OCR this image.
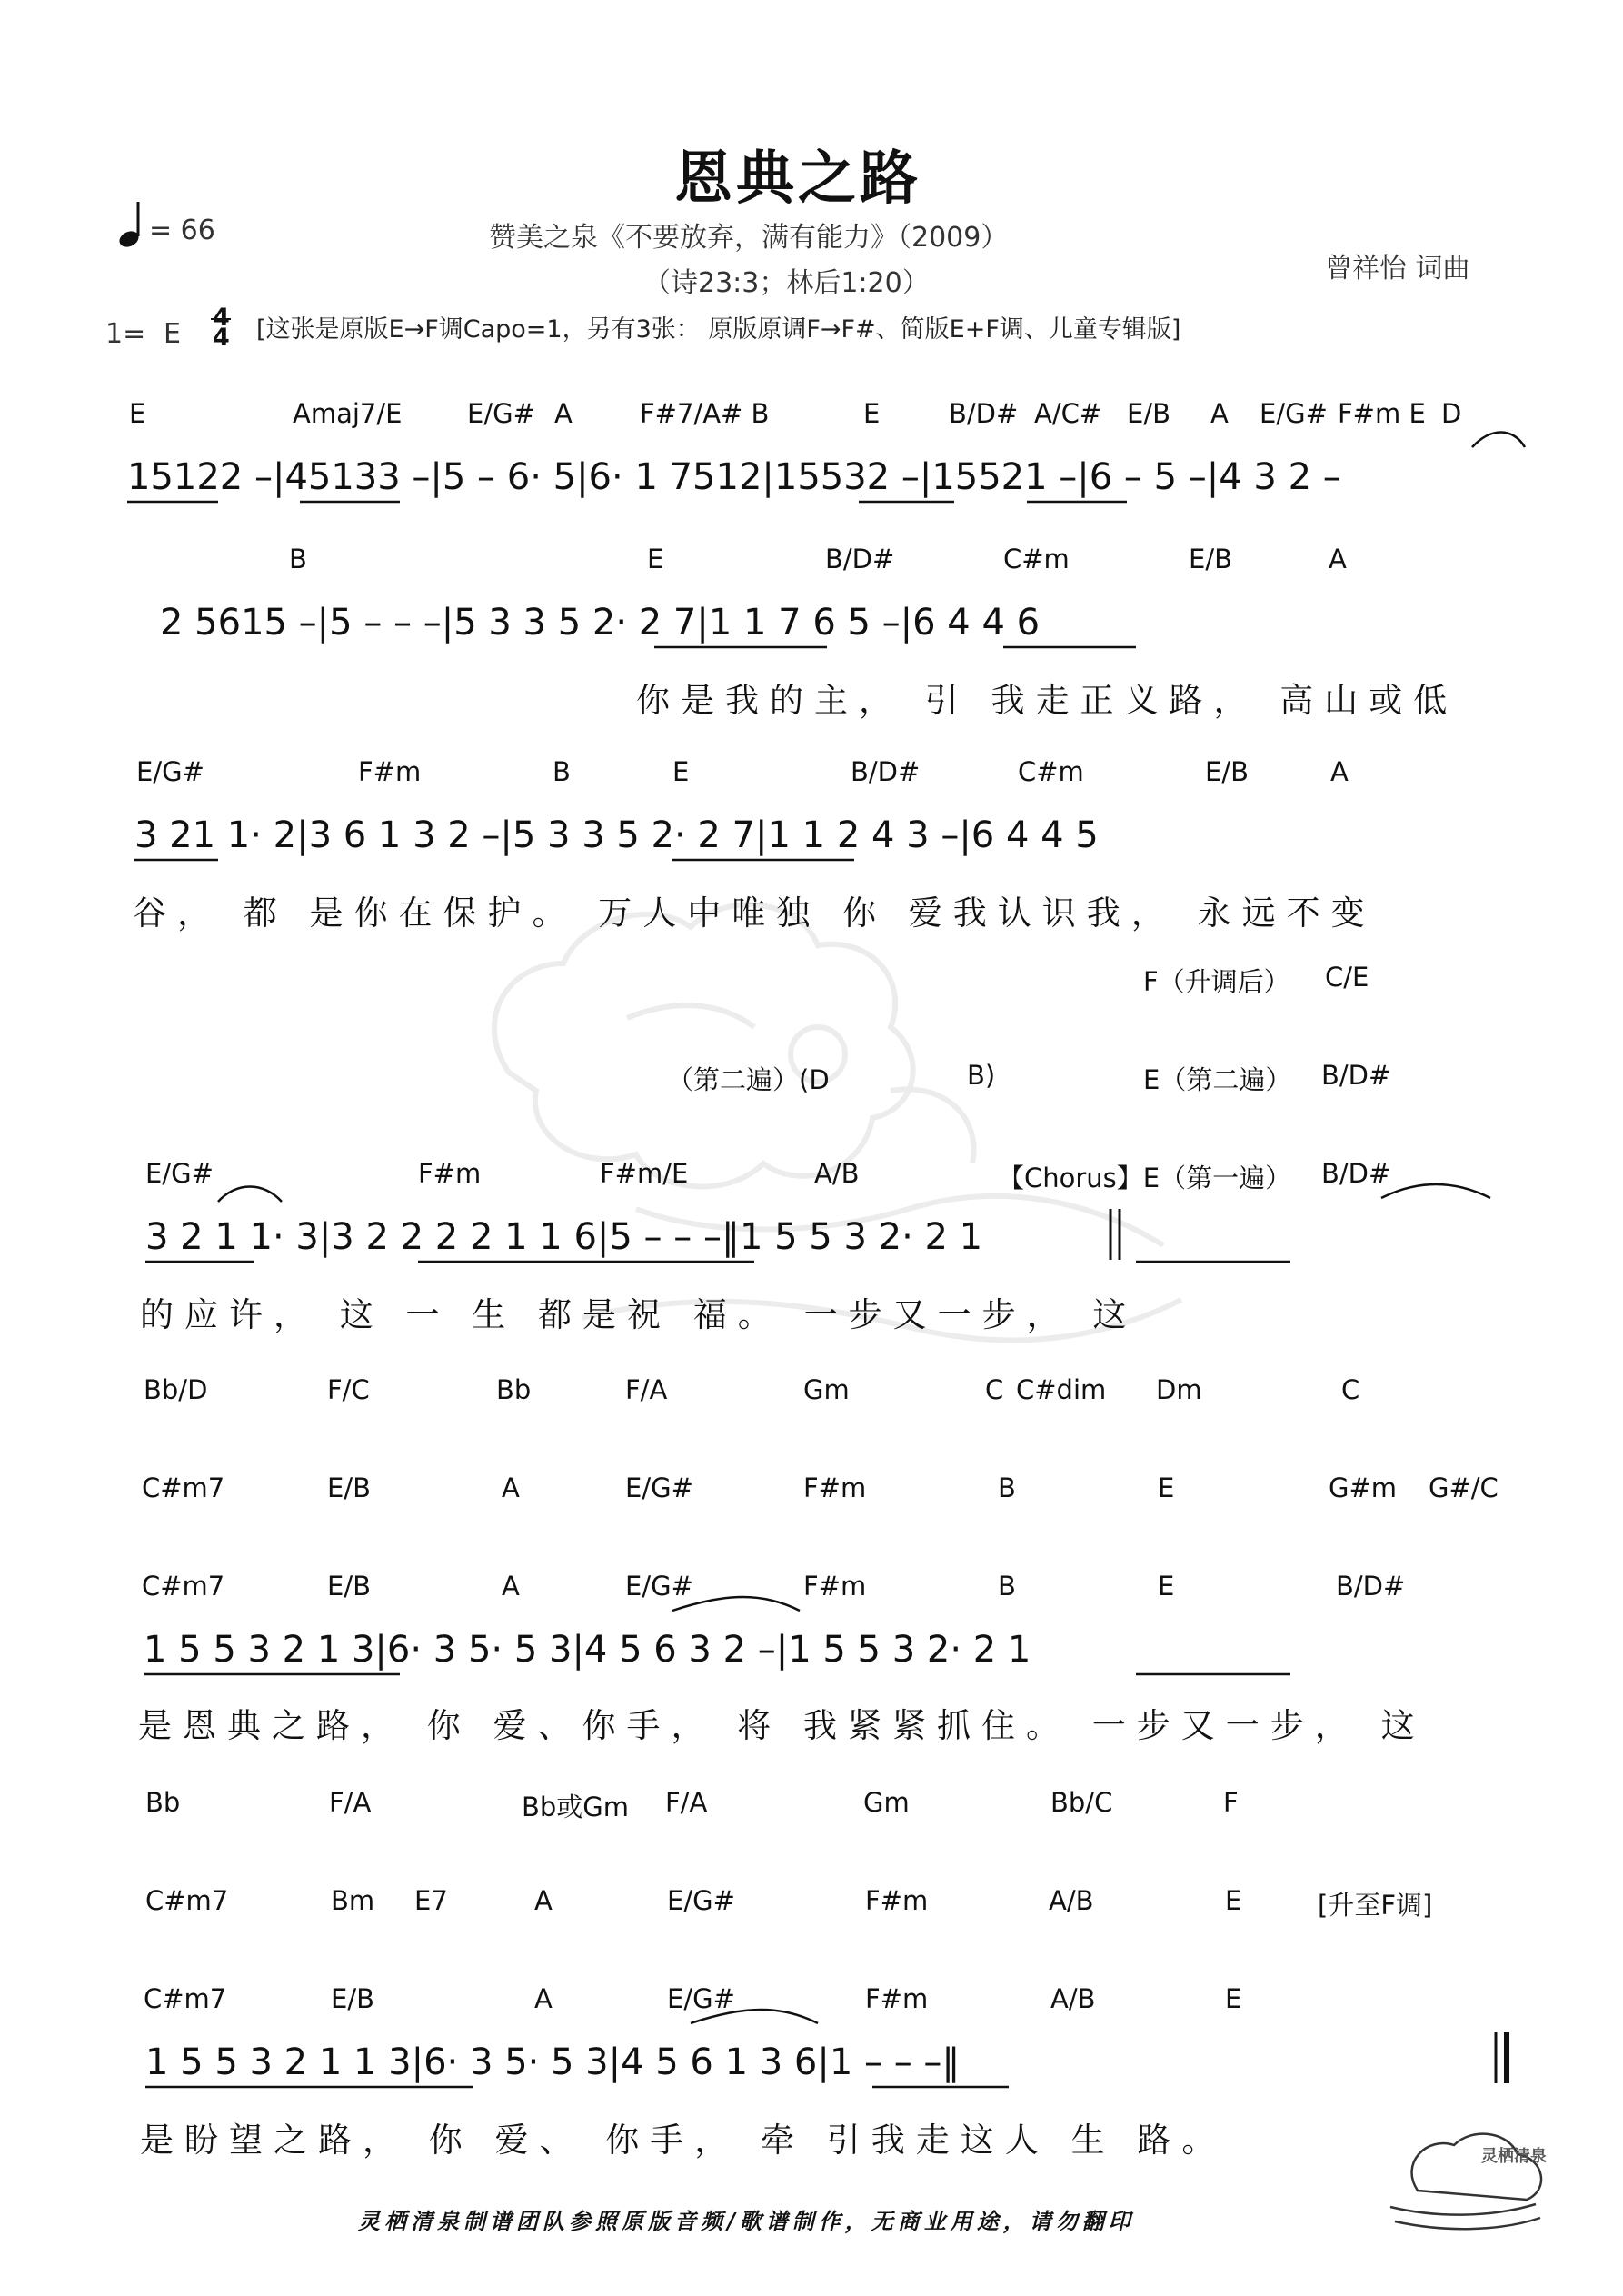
恩典之路
= 66	赞美之泉《不要放弃，满有能力》（2009）
（诗23:3；林后1:20）	曾祥怡 词曲
1= E 4 [这张是原版E→F调Capo=1，另有3张： 原版原调F→F#、简版E+F调、儿童专辑版]
E	Amaj7/E E/G# A	F#7/A# B	E	B/D# A/C# E/B A E/G# F#m E D
15122 –|45133 –|5 – 6· 5|6· 1 7512|15532 –|15521 –|6 – 5 –|4 3 2 –
B	E	B/D#	C#m	E/B	A
2 5615 –|5 – – –|5 3 3 5 2· 2 7|1 1 7 6 5 –|6 4 4 6
你是我的主， 引 我走正义路， 高山或低
E/G#	F#m	B	E	B/D#	C#m	E/B	A
3 21 1· 2|3 6 1 3 2 –|5 3 3 5 2· 2 7|1 1 2 4 3 –|6 4 4 5
谷， 都 是你在保护。 万人中唯独 你 爱我认识我， 永远不变
F（升调后） C/E
（第二遍）(D	B)	E（第二遍） B/D#
E/G#	F#m	F#m/E	A/B	【Chorus】E（第一遍） B/D#
3 2 1 1· 3|3 2 2 2 2 1 1 6|5 – – –‖1 5 5 3 2· 2 1
的应许， 这 一 生 都是祝 福。 一步又一步， 这
Bb/D	F/C	Bb	F/A	Gm	C C#dim Dm	C
C#m7	E/B	A	E/G#	F#m	B	E	G#m G#/C
C#m7	E/B	A	E/G#	F#m	B	E	B/D#
1 5 5 3 2 1 3|6· 3 5· 5 3|4 5 6 3 2 –|1 5 5 3 2· 2 1
是恩典之路， 你 爱、你手， 将 我紧紧抓住。 一步又一步， 这
Bb	F/A	Bb或Gm F/A	Gm	Bb/C	F
C#m7	Bm E7	A	E/G#	F#m	A/B	E	[升至F调]
C#m7	E/B	A	E/G#	F#m	A/B	E
1 5 5 3 2 1 1 3|6· 3 5· 5 3|4 5 6 1 3 6|1 – – –‖
是盼望之路， 你 爱、 你手， 牵 引我走这人 生 路。	灵栖清泉
灵栖清泉制谱团队参照原版音频/歌谱制作，无商业用途，请勿翻印
